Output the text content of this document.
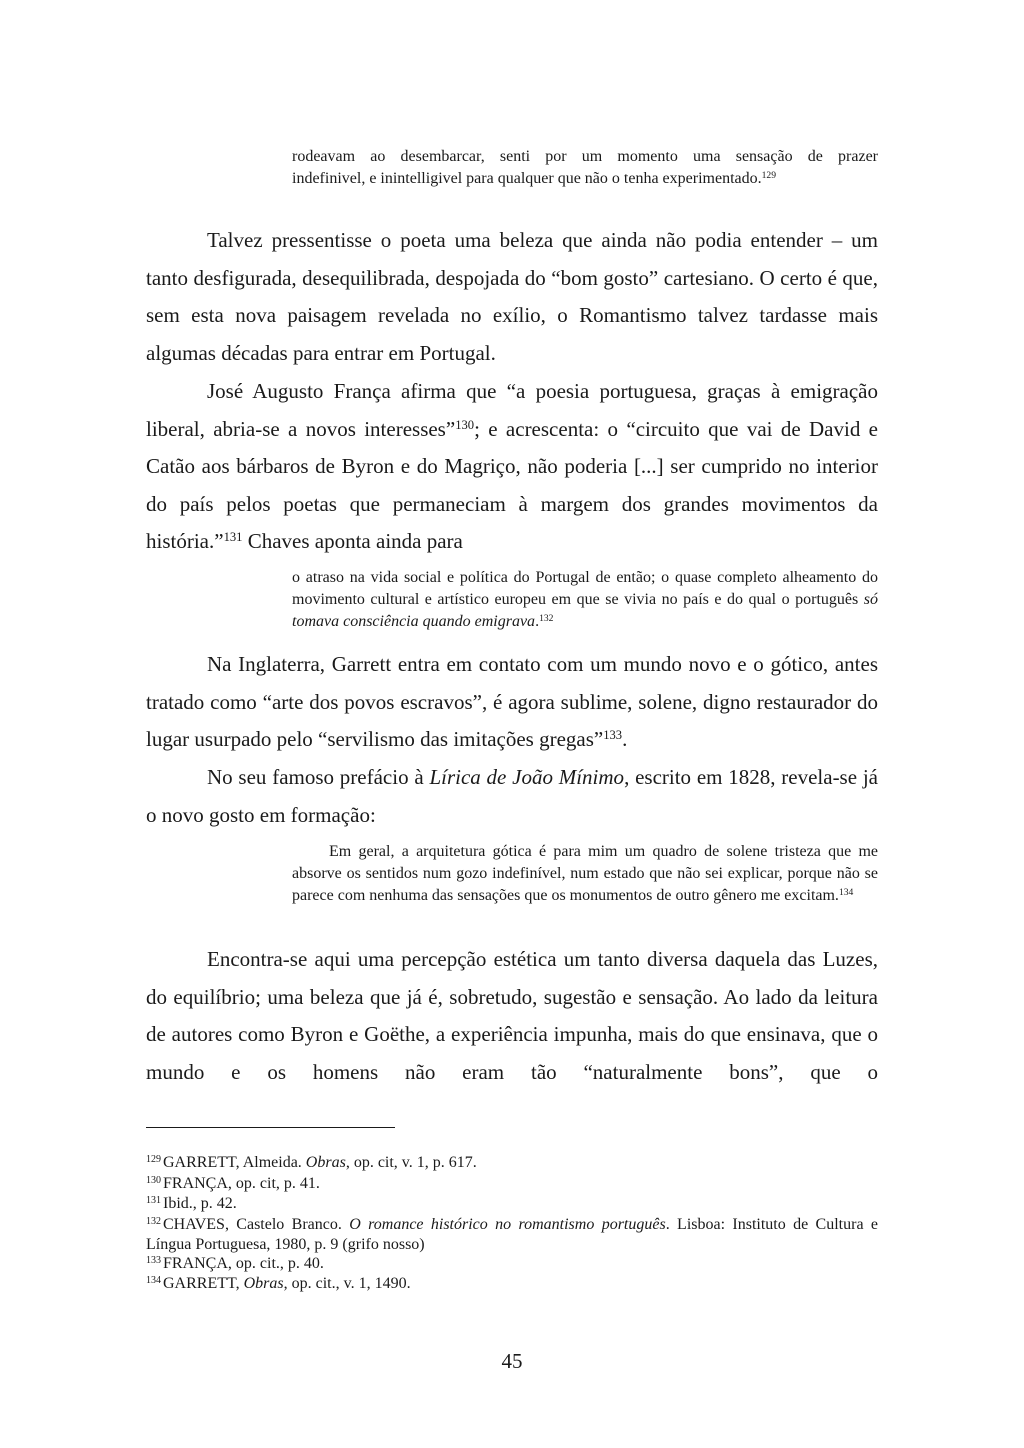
rodeavam ao desembarcar, senti por um momento uma sensação de prazer
indefinivel, e inintelligivel para qualquer que não o tenha experimentado.$^{129}$

Talvez pressentisse o poeta uma beleza que ainda não podia entender – um tanto desfigurada, desequilibrada, despojada do “bom gosto” cartesiano. O certo é que, sem esta nova paisagem revelada no exílio, o Romantismo talvez tardasse mais algumas décadas para entrar em Portugal.

José Augusto França afirma que “a poesia portuguesa, graças à emigração liberal, abria-se a novos interesses”$^{130}$; e acrescenta: o “circuito que vai de David e Catão aos bárbaros de Byron e do Magriço, não poderia [...] ser cumprido no interior do país pelos poetas que permaneciam à margem dos grandes movimentos da história.”$^{131}$ Chaves aponta ainda para

o atraso na vida social e política do Portugal de então; o quase completo alheamento do movimento cultural e artístico europeu em que se vivia no país e do qual o português só tomava consciência quando emigrava.$^{132}$

Na Inglaterra, Garrett entra em contato com um mundo novo e o gótico, antes tratado como “arte dos povos escravos”, é agora sublime, solene, digno restaurador do lugar usurpado pelo “servilismo das imitações gregas”$^{133}$.

No seu famoso prefácio à Lírica de João Mínimo, escrito em 1828, revela-se já o novo gosto em formação:

Em geral, a arquitetura gótica é para mim um quadro de solene tristeza que me absorve os sentidos num gozo indefinível, num estado que não sei explicar, porque não se parece com nenhuma das sensações que os monumentos de outro gênero me excitam.$^{134}$

Encontra-se aqui uma percepção estética um tanto diversa daquela das Luzes, do equilíbrio; uma beleza que já é, sobretudo, sugestão e sensação. Ao lado da leitura de autores como Byron e Goëthe, a experiência impunha, mais do que ensinava, que o mundo e os homens não eram tão “naturalmente bons”, que o

$^{129}$ GARRETT, Almeida. Obras, op. cit, v. 1, p. 617.

$^{130}$ FRANÇA, op. cit, p. 41.

$^{131}$ Ibid., p. 42.

$^{132}$ CHAVES, Castelo Branco. O romance histórico no romantismo português. Lisboa: Instituto de Cultura e Língua Portuguesa, 1980, p. 9 (grifo nosso)

$^{133}$ FRANÇA, op. cit., p. 40.

$^{134}$ GARRETT, Obras, op. cit., v. 1, 1490.

45
